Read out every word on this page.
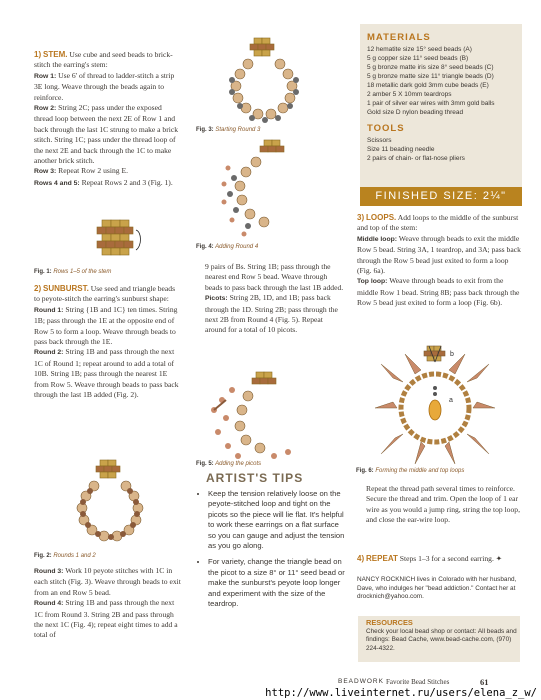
1) STEM. Use cube and seed beads to brick-stitch the earring's stem:
Row 1: Use 6' of thread to ladder-stitch a strip 3E long. Weave through the beads again to reinforce.
Row 2: String 2C; pass under the exposed thread loop between the next 2E of Row 1 and back through the last 1C strung to make a brick stitch. String 1C; pass under the thread loop of the next 2E and back through the 1C to make another brick stitch.
Row 3: Repeat Row 2 using E.
Rows 4 and 5: Repeat Rows 2 and 3 (Fig. 1).
Fig. 1: Rows 1–5 of the stem
2) SUNBURST. Use seed and triangle beads to peyote-stitch the earring's sunburst shape:
Round 1: String {1B and 1C} ten times. String 1B; pass through the 1E at the opposite end of Row 5 to form a loop. Weave through beads to pass back through the 1E.
Round 2: String 1B and pass through the next 1C of Round 1; repeat around to add a total of 10B. String 1B; pass through the nearest 1E from Row 5. Weave through beads to pass back through the last 1B added (Fig. 2).
Fig. 2: Rounds 1 and 2
Round 3: Work 10 peyote stitches with 1C in each stitch (Fig. 3). Weave through beads to exit from an end Row 5 bead.
Round 4: String 1B and pass through the next 1C from Round 3. String 2B and pass through the next 1C (Fig. 4); repeat eight times to add a total of
Fig. 3: Starting Round 3
Fig. 4: Adding Round 4
9 pairs of Bs. String 1B; pass through the nearest end Row 5 bead. Weave through beads to pass back through the last 1B added.
Picots: String 2B, 1D, and 1B; pass back through the 1D. String 2B; pass through the next 2B from Round 4 (Fig. 5). Repeat around for a total of 10 picots.
Fig. 5: Adding the picots
ARTIST'S TIPS
• Keep the tension relatively loose on the peyote-stitched loop and tight on the picots so the piece will lie flat. It's helpful to work these earrings on a flat surface so you can gauge and adjust the tension as you go along.
• For variety, change the triangle bead on the picot to a size 8° or 11° seed bead or make the sunburst's peyote loop longer and experiment with the size of the teardrop.
MATERIALS
12 hematite size 15° seed beads (A)
5 g copper size 11° seed beads (B)
5 g bronze matte iris size 8° seed beads (C)
5 g bronze matte size 11° triangle beads (D)
18 metallic dark gold 3mm cube beads (E)
2 amber 5 X 10mm teardrops
1 pair of silver ear wires with 3mm gold balls
Gold size D nylon beading thread
TOOLS
Scissors
Size 11 beading needle
2 pairs of chain- or flat-nose pliers
FINISHED SIZE: 2¼"
3) LOOPS. Add loops to the middle of the sunburst and top of the stem:
Middle loop: Weave through beads to exit the middle Row 5 bead. String 3A, 1 teardrop, and 3A; pass back through the Row 5 bead just exited to form a loop (Fig. 6a).
Top loop: Weave through beads to exit from the middle Row 1 bead. String 8B; pass back through the Row 5 bead just exited to form a loop (Fig. 6b).
b
a
Fig. 6: Forming the middle and top loops
Repeat the thread path several times to reinforce. Secure the thread and trim. Open the loop of 1 ear wire as you would a jump ring, string the top loop, and close the ear-wire loop.
4) REPEAT Steps 1–3 for a second earring. ✦
NANCY ROCKNICH lives in Colorado with her husband, Dave, who indulges her "bead addiction." Contact her at drocknich@yahoo.com.
RESOURCES
Check your local bead shop or contact: All beads and findings: Bead Cache, www.bead-cache.com, (970) 224-4322.
BEADWORK Favorite Bead Stitches	61
http://www.liveinternet.ru/users/elena_z_w/
